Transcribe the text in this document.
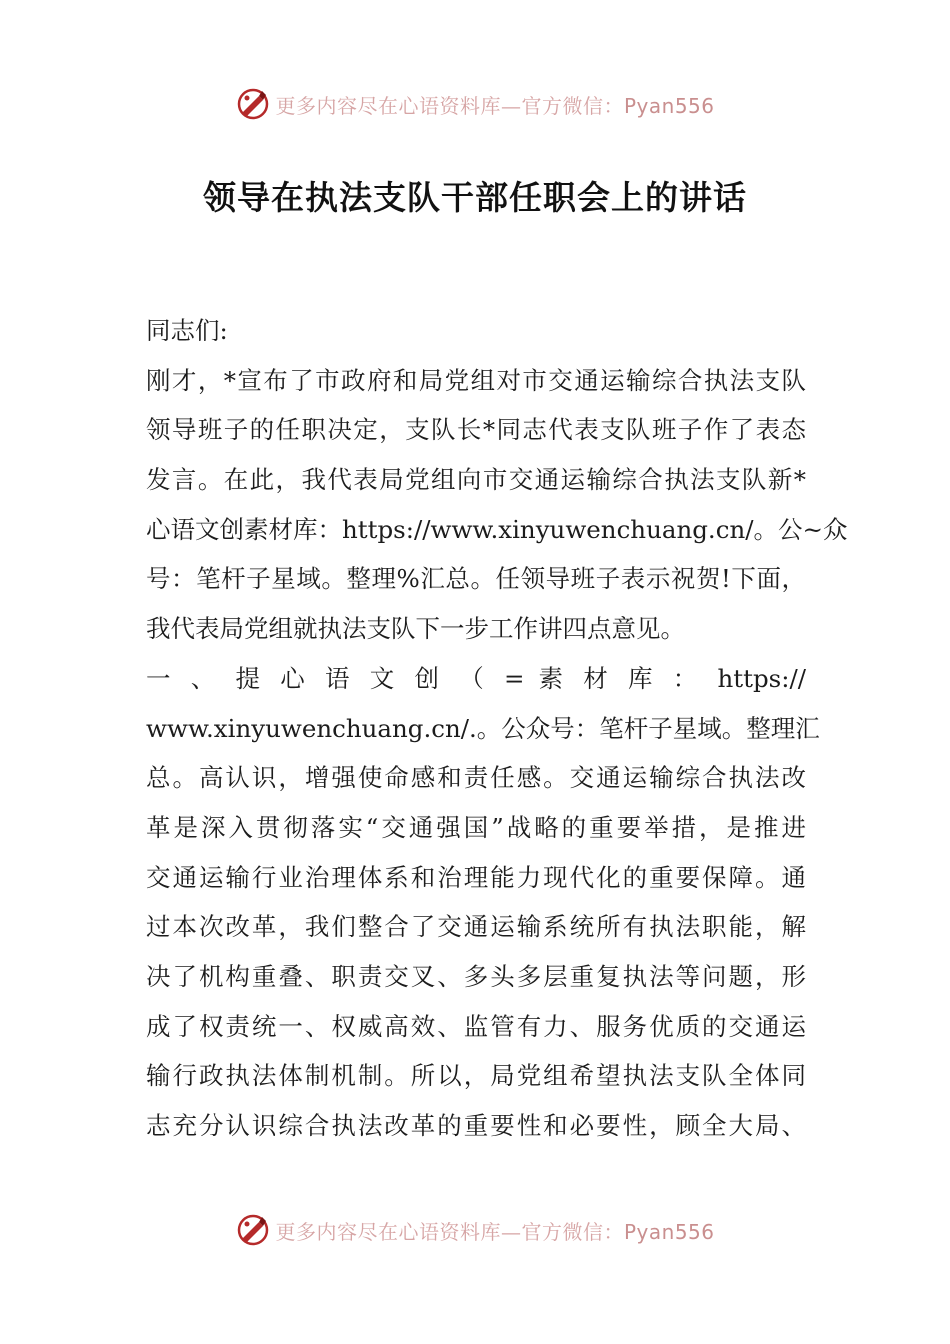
更多内容尽在心语资料库—官方微信：Pyan556
领导在执法支队干部任职会上的讲话
同志们:
刚才，*宣布了市政府和局党组对市交通运输综合执法支队
领导班子的任职决定，支队长*同志代表支队班子作了表态
发言。在此，我代表局党组向市交通运输综合执法支队新*
心语文创素材库：https://www.xinyuwenchuang.cn/。公~众
号：笔杆子星域。整理%汇总。任领导班子表示祝贺!下面，
我代表局党组就执法支队下一步工作讲四点意见。
一 、 提 心 语 文 创 （ = 素 材 库 ： https://
www.xinyuwenchuang.cn/.。公众号：笔杆子星域。整理汇
总。高认识，增强使命感和责任感。交通运输综合执法改
革是深入贯彻落实“交通强国”战略的重要举措，是推进
交通运输行业治理体系和治理能力现代化的重要保障。通
过本次改革，我们整合了交通运输系统所有执法职能，解
决了机构重叠、职责交叉、多头多层重复执法等问题，形
成了权责统一、权威高效、监管有力、服务优质的交通运
输行政执法体制机制。所以，局党组希望执法支队全体同
志充分认识综合执法改革的重要性和必要性，顾全大局、
更多内容尽在心语资料库—官方微信：Pyan556
